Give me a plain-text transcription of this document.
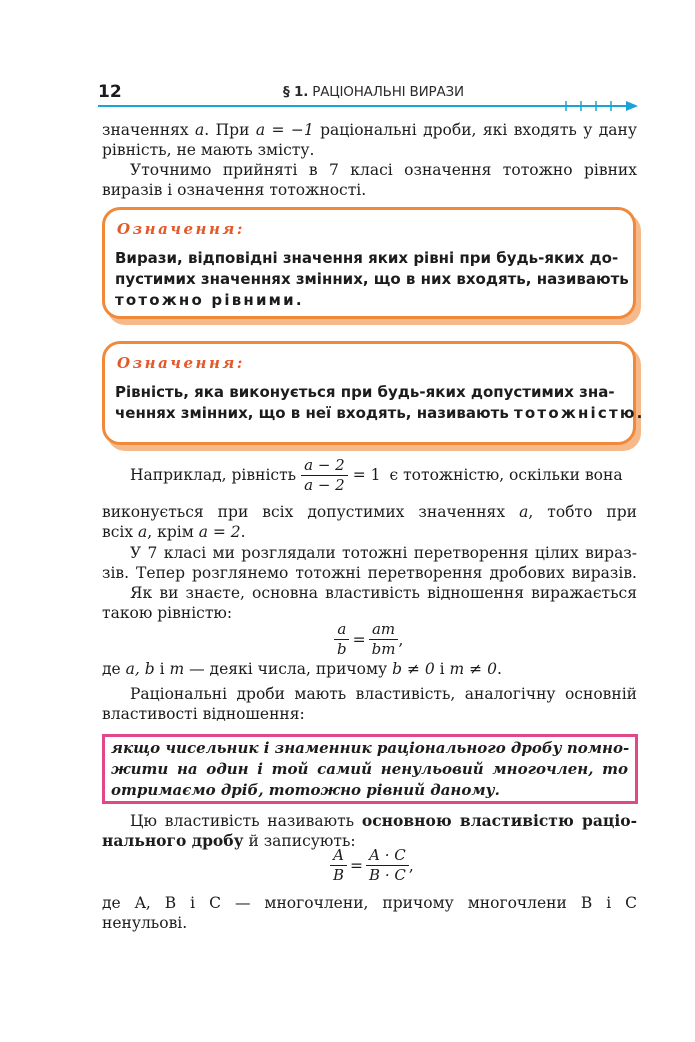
12	§ 1. РАЦІОНАЛЬНІ ВИРАЗИ
значеннях a. При a = −1 раціональні дроби, які входять у дану
рівність, не мають змісту.
Уточнимо прийняті в 7 класі означення тотожно рівних
виразів і означення тотожності.
Означення:
Вирази, відповідні значення яких рівні при будь-яких до-
пустимих значеннях змінних, що в них входять, називають
тотожно рівними.
Означення:
Рівність, яка виконується при будь-яких допустимих зна-
ченнях змінних, що в неї входять, називають тотожністю.
Наприклад, рівність $\frac{a - 2}{a - 2} = 1$ є тотожністю, оскільки вона
виконується при всіх допустимих значеннях a, тобто при
всіх a, крім a = 2.
У 7 класі ми розглядали тотожні перетворення цілих вираз-
зів. Тепер розглянемо тотожні перетворення дробових виразів.
Як ви знаєте, основна властивість відношення виражається
такою рівністю:
$\frac{a}{b} = \frac{am}{bm}$ ,
де a, b і m — деякі числа, причому b ≠ 0 і m ≠ 0.
Раціональні дроби мають властивість, аналогічну основній
властивості відношення:
якщо чисельник і знаменник раціонального дробу помно-
жити на один і той самий ненульовий многочлен, то
отримаємо дріб, тотожно рівний даному.
Цю властивість називають основною властивістю раціо-
нального дробу й записують:
$\frac{A}{B} = \frac{A \cdot C}{B \cdot C}$ ,
де A, B і C — многочлени, причому многочлени B і C
ненульові.
